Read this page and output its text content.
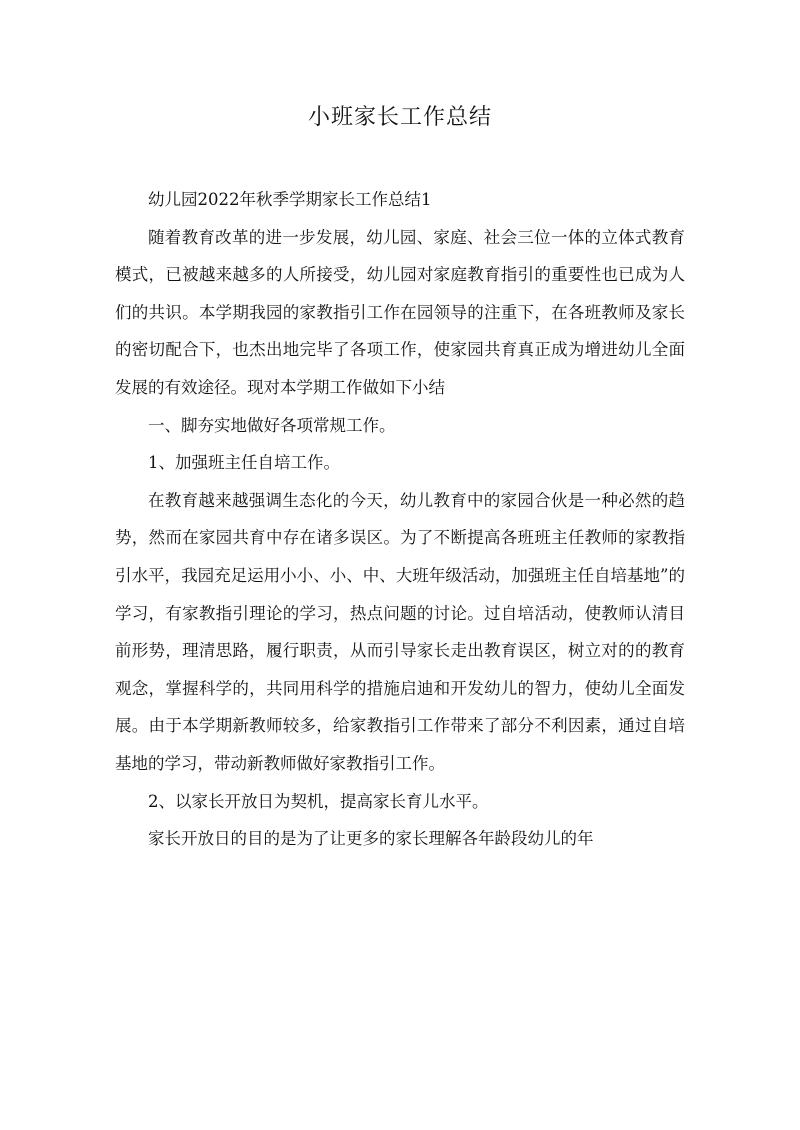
小班家长工作总结

幼儿园2022年秋季学期家长工作总结1

随着教育改革的进一步发展，幼儿园、家庭、社会三位一体的立体式教育模式，已被越来越多的人所接受，幼儿园对家庭教育指引的重要性也已成为人们的共识。本学期我园的家教指引工作在园领导的注重下，在各班教师及家长的密切配合下，也杰出地完毕了各项工作，使家园共育真正成为增进幼儿全面发展的有效途径。现对本学期工作做如下小结

一、脚夯实地做好各项常规工作。

1、加强班主任自培工作。

在教育越来越强调生态化的今天，幼儿教育中的家园合伙是一种必然的趋势，然而在家园共育中存在诸多误区。为了不断提高各班班主任教师的家教指引水平，我园充足运用小小、小、中、大班年级活动，加强班主任自培基地”的学习，有家教指引理论的学习，热点问题的讨论。过自培活动，使教师认清目前形势，理清思路，履行职责，从而引导家长走出教育误区，树立对的的教育观念，掌握科学的，共同用科学的措施启迪和开发幼儿的智力，使幼儿全面发展。由于本学期新教师较多，给家教指引工作带来了部分不利因素，通过自培基地的学习，带动新教师做好家教指引工作。

2、以家长开放日为契机，提高家长育儿水平。

家长开放日的目的是为了让更多的家长理解各年龄段幼儿的年
